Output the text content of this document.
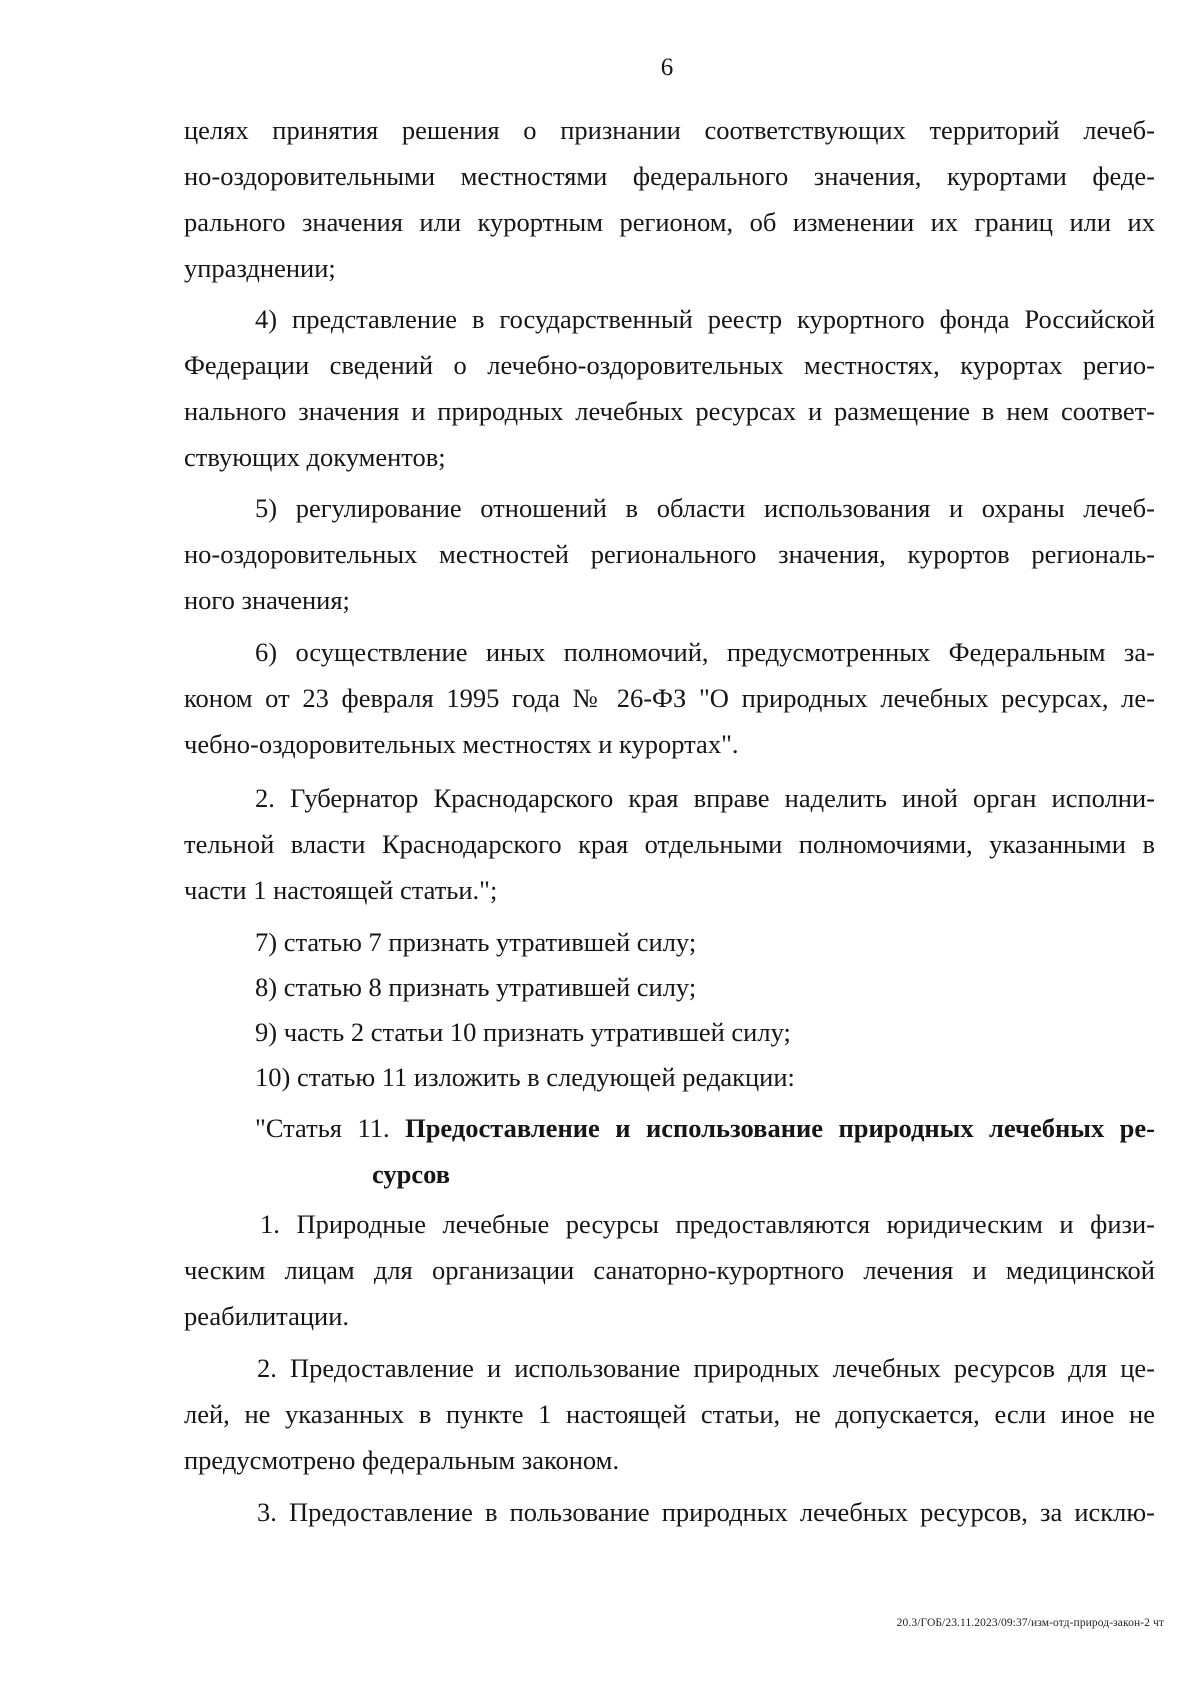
6
целях принятия решения о признании соответствующих территорий лечеб-
но-оздоровительными местностями федерального значения, курортами феде-
рального значения или курортным регионом, об изменении их границ или их
упразднении;
4) представление в государственный реестр курортного фонда Российской
Федерации сведений о лечебно-оздоровительных местностях, курортах регио-
нального значения и природных лечебных ресурсах и размещение в нем соответ-
ствующих документов;
5) регулирование отношений в области использования и охраны лечеб-
но-оздоровительных местностей регионального значения, курортов региональ-
ного значения;
6) осуществление иных полномочий, предусмотренных Федеральным за-
коном от 23 февраля 1995 года № 26-ФЗ "О природных лечебных ресурсах, ле-
чебно-оздоровительных местностях и курортах".
2. Губернатор Краснодарского края вправе наделить иной орган исполни-
тельной власти Краснодарского края отдельными полномочиями, указанными в
части 1 настоящей статьи.";
7) статью 7 признать утратившей силу;
8) статью 8 признать утратившей силу;
9) часть 2 статьи 10 признать утратившей силу;
10) статью 11 изложить в следующей редакции:
"Статья 11. Предоставление и использование природных лечебных ре-
сурсов
1. Природные лечебные ресурсы предоставляются юридическим и физи-
ческим лицам для организации санаторно-курортного лечения и медицинской
реабилитации.
2. Предоставление и использование природных лечебных ресурсов для це-
лей, не указанных в пункте 1 настоящей статьи, не допускается, если иное не
предусмотрено федеральным законом.
3. Предоставление в пользование природных лечебных ресурсов, за исклю-
20.3/ГОБ/23.11.2023/09:37/изм-отд-природ-закон-2 чт
